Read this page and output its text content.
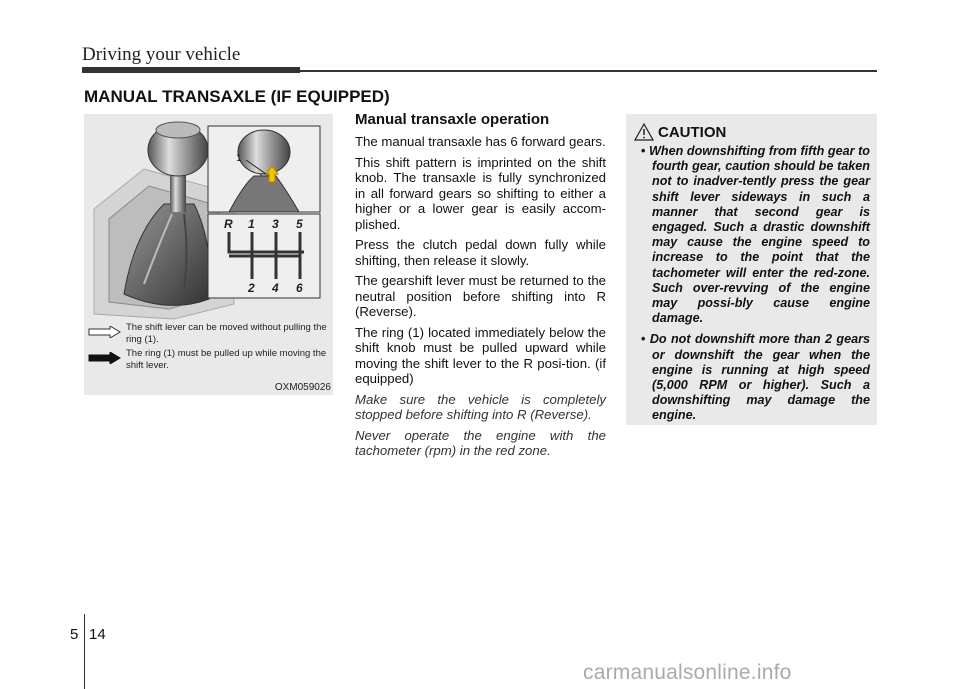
Driving your vehicle
MANUAL TRANSAXLE (IF EQUIPPED)
1
R 1 3 5
2 4 6
The shift lever can be moved without pulling the ring (1).
The ring (1) must be pulled up while moving the shift lever.
OXM059026
Manual transaxle operation

The manual transaxle has 6 forward gears.

This shift pattern is imprinted on the shift knob. The transaxle is fully synchronized in all forward gears so shifting to either a higher or a lower gear is easily accom-plished.

Press the clutch pedal down fully while shifting, then release it slowly.

The gearshift lever must be returned to the neutral position before shifting into R (Reverse).

The ring (1) located immediately below the shift knob must be pulled upward while moving the shift lever to the R posi-tion. (if equipped)

Make sure the vehicle is completely stopped before shifting into R (Reverse).

Never operate the engine with the tachometer (rpm) in the red zone.

CAUTION
• When downshifting from fifth gear to fourth gear, caution should be taken not to inadver-tently press the gear shift lever sideways in such a manner that second gear is engaged. Such a drastic downshift may cause the engine speed to increase to the point that the tachometer will enter the red-zone. Such over-revving of the engine may possi-bly cause engine damage.
• Do not downshift more than 2 gears or downshift the gear when the engine is running at high speed (5,000 RPM or higher). Such a downshifting may damage the engine.
5 14
carmanualsonline.info
